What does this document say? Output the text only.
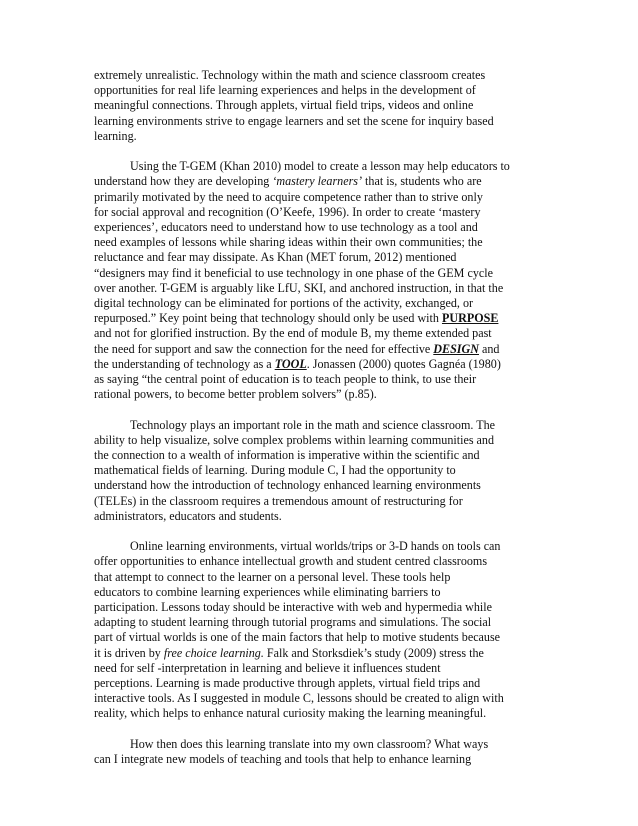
extremely unrealistic. Technology within the math and science classroom creates
opportunities for real life learning experiences and helps in the development of
meaningful connections. Through applets, virtual field trips, videos and online
learning environments strive to engage learners and set the scene for inquiry based
learning.
Using the T-GEM (Khan 2010) model to create a lesson may help educators to
understand how they are developing ‘mastery learners’ that is, students who are
primarily motivated by the need to acquire competence rather than to strive only
for social approval and recognition (O’Keefe, 1996). In order to create ‘mastery
experiences’, educators need to understand how to use technology as a tool and
need examples of lessons while sharing ideas within their own communities; the
reluctance and fear may dissipate. As Khan (MET forum, 2012) mentioned
“designers may find it beneficial to use technology in one phase of the GEM cycle
over another. T-GEM is arguably like LfU, SKI, and anchored instruction, in that the
digital technology can be eliminated for portions of the activity, exchanged, or
repurposed.” Key point being that technology should only be used with PURPOSE
and not for glorified instruction. By the end of module B, my theme extended past
the need for support and saw the connection for the need for effective DESIGN and
the understanding of technology as a TOOL. Jonassen (2000) quotes Gagnéa (1980)
as saying “the central point of education is to teach people to think, to use their
rational powers, to become better problem solvers” (p.85).
Technology plays an important role in the math and science classroom. The
ability to help visualize, solve complex problems within learning communities and
the connection to a wealth of information is imperative within the scientific and
mathematical fields of learning. During module C, I had the opportunity to
understand how the introduction of technology enhanced learning environments
(TELEs) in the classroom requires a tremendous amount of restructuring for
administrators, educators and students.
Online learning environments, virtual worlds/trips or 3-D hands on tools can
offer opportunities to enhance intellectual growth and student centred classrooms
that attempt to connect to the learner on a personal level. These tools help
educators to combine learning experiences while eliminating barriers to
participation. Lessons today should be interactive with web and hypermedia while
adapting to student learning through tutorial programs and simulations. The social
part of virtual worlds is one of the main factors that help to motive students because
it is driven by free choice learning. Falk and Storksdiek’s study (2009) stress the
need for self -interpretation in learning and believe it influences student
perceptions. Learning is made productive through applets, virtual field trips and
interactive tools. As I suggested in module C, lessons should be created to align with
reality, which helps to enhance natural curiosity making the learning meaningful.
How then does this learning translate into my own classroom? What ways
can I integrate new models of teaching and tools that help to enhance learning
